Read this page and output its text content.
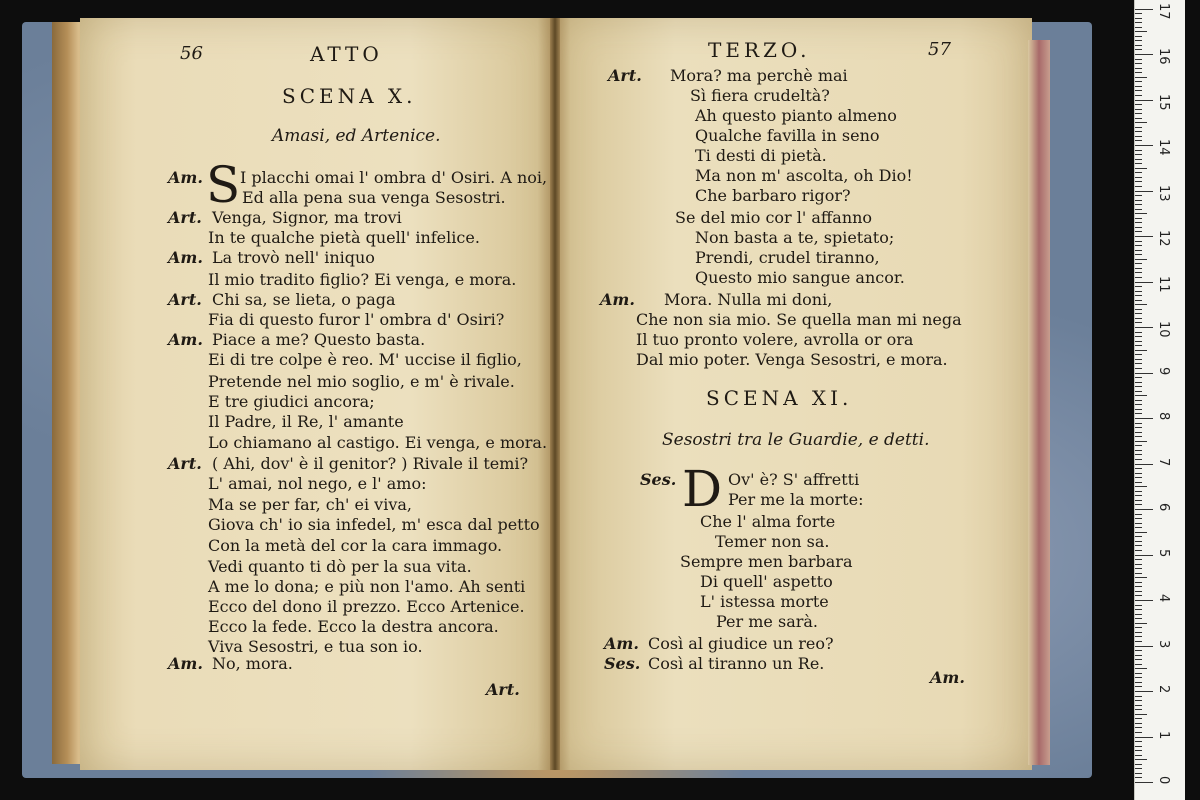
56	ATTO
SCENA X.
Amasi, ed Artenice.
S
Am.
Art.
Am.
Art.
Am.
Art.
Am.
I placchi omai l' ombra d' Osiri. A noi,
Ed alla pena sua venga Sesostri.
Venga, Signor, ma trovi
In te qualche pietà quell' infelice.
La trovò nell' iniquo
Il mio tradito figlio? Ei venga, e mora.
Chi sa, se lieta, o paga
Fia di questo furor l' ombra d' Osiri?
Piace a me? Questo basta.
Ei di tre colpe è reo. M' uccise il figlio,
Pretende nel mio soglio, e m' è rivale.
E tre giudici ancora;
Il Padre, il Re, l' amante
Lo chiamano al castigo. Ei venga, e mora.
( Ahi, dov' è il genitor? ) Rivale il temi?
L' amai, nol nego, e l' amo:
Ma se per far, ch' ei viva,
Giova ch' io sia infedel, m' esca dal petto
Con la metà del cor la cara immago.
Vedi quanto ti dò per la sua vita.
A me lo dona; e più non l'amo. Ah senti
Ecco del dono il prezzo. Ecco Artenice.
Ecco la fede. Ecco la destra ancora.
Viva Sesostri, e tua son io.
No, mora.
Art.
TERZO.	57
Art. Mora? ma perchè mai
Sì fiera crudeltà?
Ah questo pianto almeno
Qualche favilla in seno
Ti desti di pietà.
Ma non m' ascolta, oh Dio!
Che barbaro rigor?
Se del mio cor l' affanno
Non basta a te, spietato;
Prendi, crudel tiranno,
Questo mio sangue ancor.
Am. Mora. Nulla mi doni,
Che non sia mio. Se quella man mi nega
Il tuo pronto volere, avrolla or ora
Dal mio poter. Venga Sesostri, e mora.
SCENA XI.
Sesostri tra le Guardie, e detti.
Ses. D Ov' è? S' affretti
Per me la morte:
Che l' alma forte
Temer non sa.
Sempre men barbara
Di quell' aspetto
L' istessa morte
Per me sarà.
Am. Così al giudice un reo?
Ses. Così al tiranno un Re.
Am.
0
1
2
3
4
5
6
7
8
9
10
11
12
13
14
15
16
17
